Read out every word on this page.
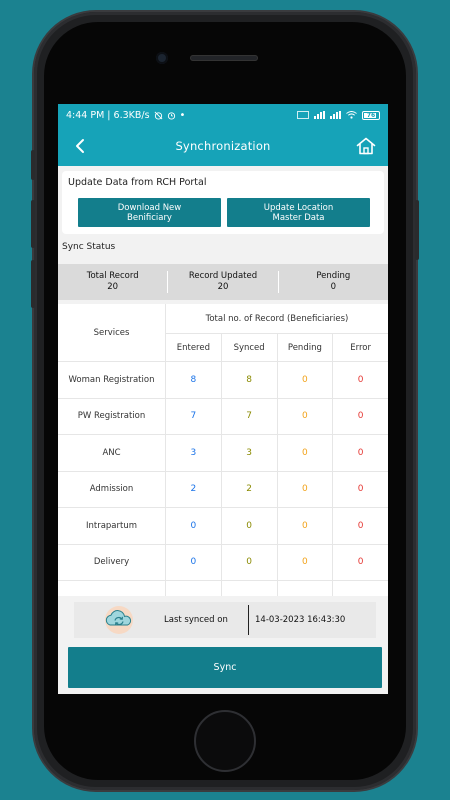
4:44 PM | 6.3KB/s	•	76
Synchronization
Update Data from RCH Portal
Download New
Benificiary
Update Location
Master Data
Sync Status
Total Record
20
Record Updated
20
Pending
0
Services
Total no. of Record (Beneficiaries)
Entered	Synced	Pending	Error
Woman Registration	8	8	0	0
PW Registration	7	7	0	0
ANC	3	3	0	0
Admission	2	2	0	0
Intrapartum	0	0	0	0
Delivery	0	0	0	0
Last synced on	14-03-2023 16:43:30
Sync
